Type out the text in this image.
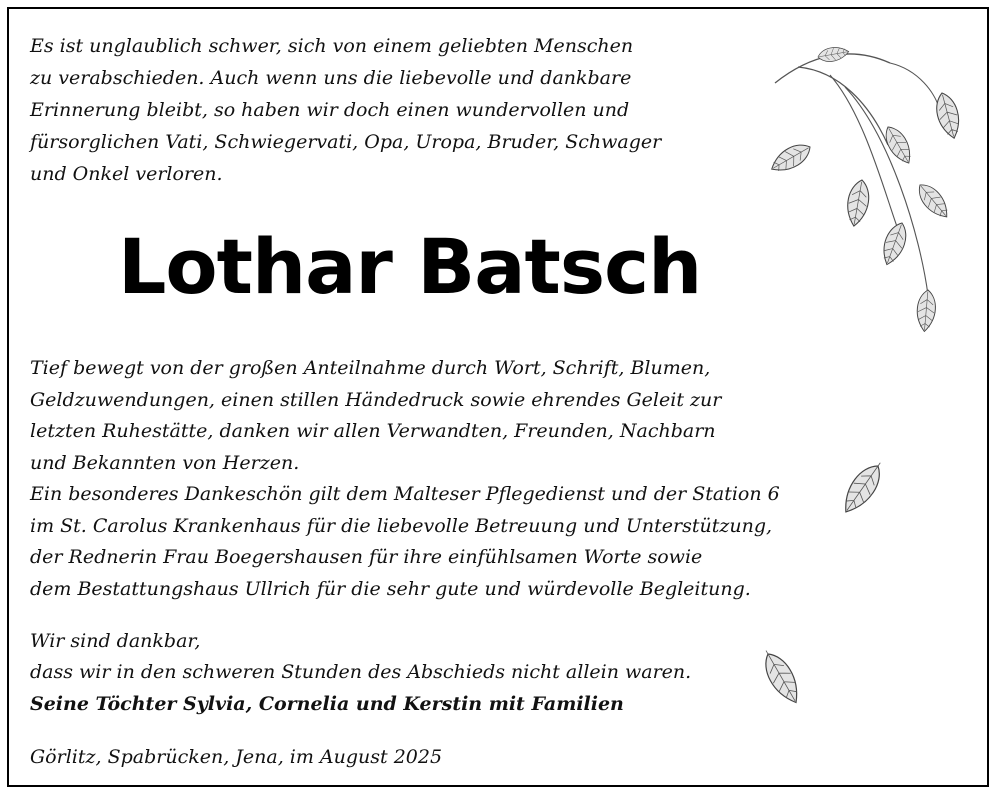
Es ist unglaublich schwer, sich von einem geliebten Menschen
zu verabschieden. Auch wenn uns die liebevolle und dankbare
Erinnerung bleibt, so haben wir doch einen wundervollen und
fürsorglichen Vati, Schwiegervati, Opa, Uropa, Bruder, Schwager
und Onkel verloren.

Lothar Batsch

Tief bewegt von der großen Anteilnahme durch Wort, Schrift, Blumen,
Geldzuwendungen, einen stillen Händedruck sowie ehrendes Geleit zur
letzten Ruhestätte, danken wir allen Verwandten, Freunden, Nachbarn
und Bekannten von Herzen.
Ein besonderes Dankeschön gilt dem Malteser Pflegedienst und der Station 6
im St. Carolus Krankenhaus für die liebevolle Betreuung und Unterstützung,
der Rednerin Frau Boegershausen für ihre einfühlsamen Worte sowie
dem Bestattungshaus Ullrich für die sehr gute und würdevolle Begleitung.

Wir sind dankbar,
dass wir in den schweren Stunden des Abschieds nicht allein waren.

Seine Töchter Sylvia, Cornelia und Kerstin mit Familien

Görlitz, Spabrücken, Jena, im August 2025
